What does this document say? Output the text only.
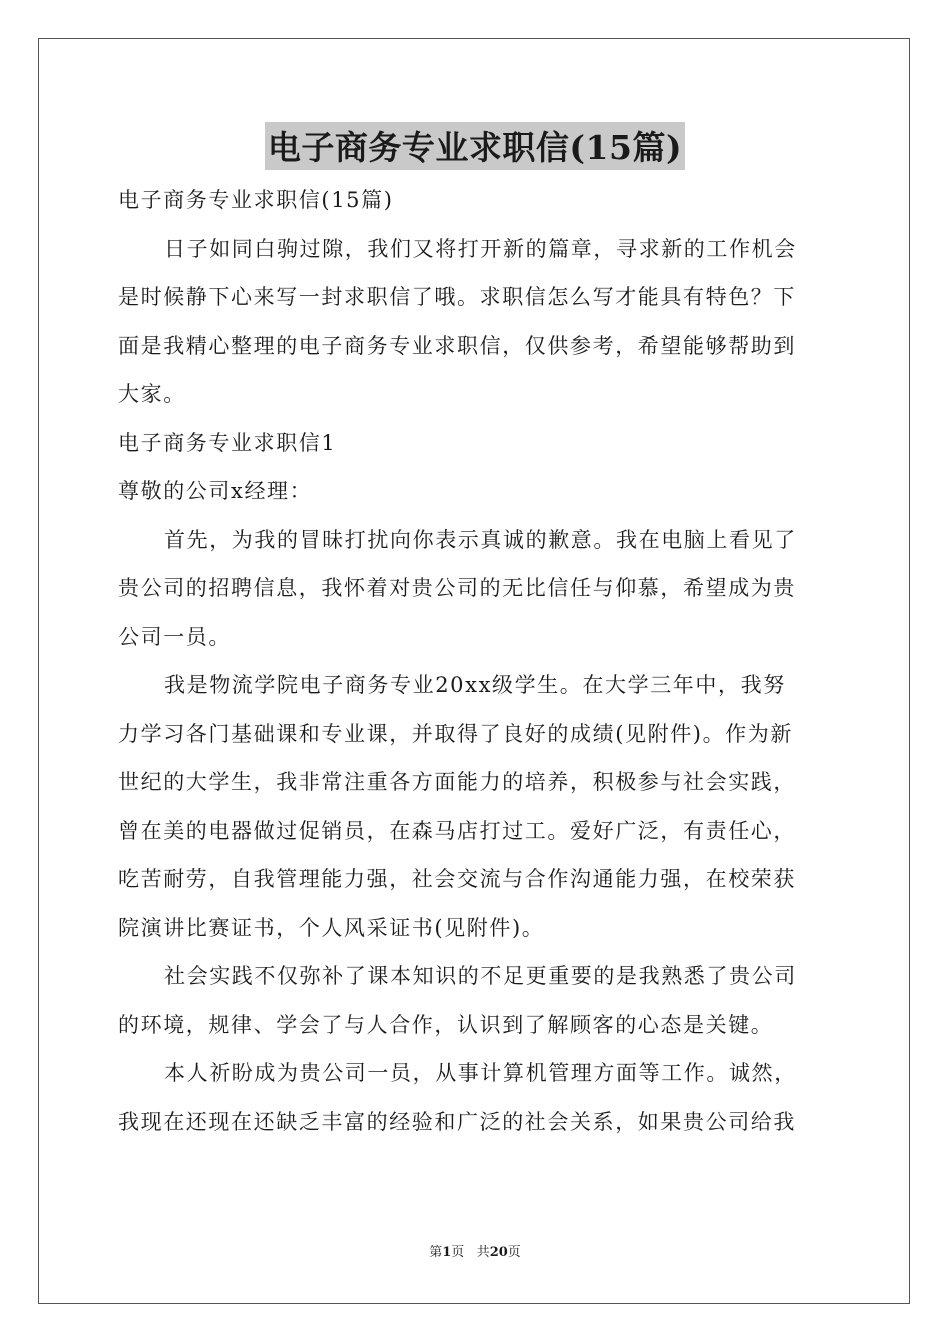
电子商务专业求职信(15篇)
电子商务专业求职信(15篇)
日子如同白驹过隙，我们又将打开新的篇章，寻求新的工作机会
是时候静下心来写一封求职信了哦。求职信怎么写才能具有特色？下
面是我精心整理的电子商务专业求职信，仅供参考，希望能够帮助到
大家。
电子商务专业求职信1
尊敬的公司x经理：
首先，为我的冒昧打扰向你表示真诚的歉意。我在电脑上看见了
贵公司的招聘信息，我怀着对贵公司的无比信任与仰慕，希望成为贵
公司一员。
我是物流学院电子商务专业20xx级学生。在大学三年中，我努
力学习各门基础课和专业课，并取得了良好的成绩(见附件)。作为新
世纪的大学生，我非常注重各方面能力的培养，积极参与社会实践，
曾在美的电器做过促销员，在森马店打过工。爱好广泛，有责任心，
吃苦耐劳，自我管理能力强，社会交流与合作沟通能力强，在校荣获
院演讲比赛证书，个人风采证书(见附件)。
社会实践不仅弥补了课本知识的不足更重要的是我熟悉了贵公司
的环境，规律、学会了与人合作，认识到了解顾客的心态是关键。
本人祈盼成为贵公司一员，从事计算机管理方面等工作。诚然，
我现在还现在还缺乏丰富的经验和广泛的社会关系，如果贵公司给我
第1页 共20页
